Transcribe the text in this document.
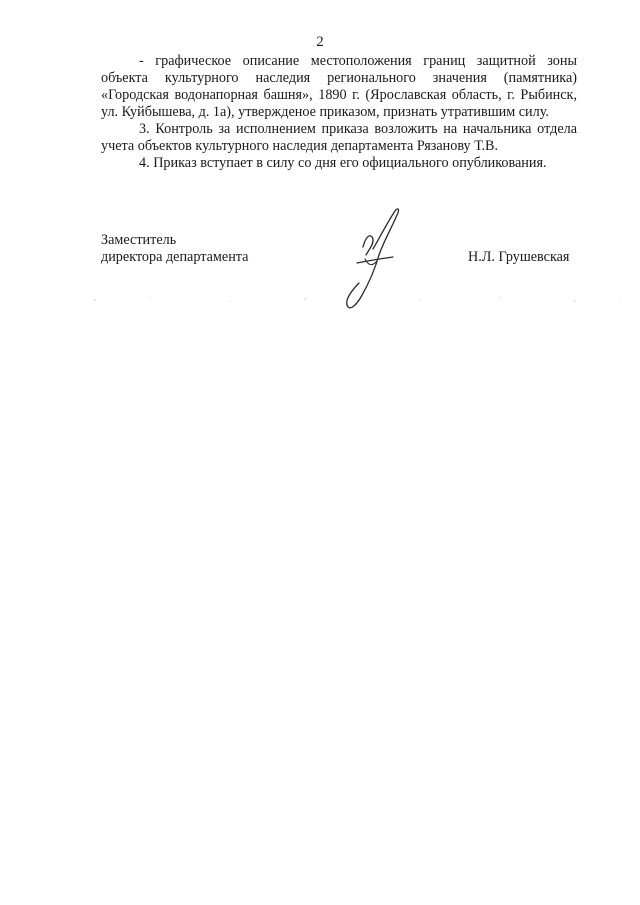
2

- графическое описание местоположения границ защитной зоны
объекта культурного наследия регионального значения (памятника)
«Городская водонапорная башня», 1890 г. (Ярославская область, г. Рыбинск,
ул. Куйбышева, д. 1а), утвержденое приказом, признать утратившим силу.

3. Контроль за исполнением приказа возложить на начальника отдела
учета объектов культурного наследия департамента Рязанову Т.В.

4. Приказ вступает в силу со дня его официального опубликования.

Заместитель
директора департамента	Н.Л. Грушевская
